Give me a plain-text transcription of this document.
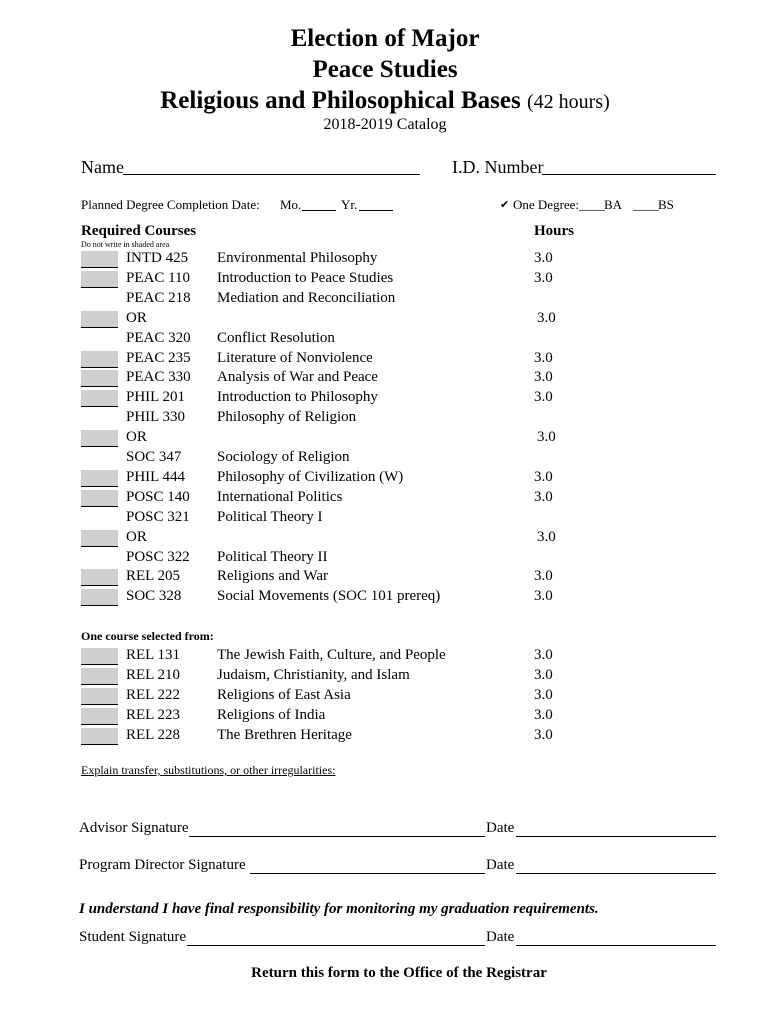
Election of Major
Peace Studies
Religious and Philosophical Bases (42 hours)
2018-2019 Catalog
Name	I.D. Number
Planned Degree Completion Date: Mo.	Yr.	✔ One Degree: ____ BA ____ BS
Required Courses
Do not write in shaded area
Hours
INTD 425 Environmental Philosophy	3.0
PEAC 110 Introduction to Peace Studies	3.0
PEAC 218 Mediation and Reconciliation
OR	3.0
PEAC 320 Conflict Resolution
PEAC 235 Literature of Nonviolence	3.0
PEAC 330 Analysis of War and Peace	3.0
PHIL 201 Introduction to Philosophy	3.0
PHIL 330 Philosophy of Religion
OR	3.0
SOC 347 Sociology of Religion
PHIL 444 Philosophy of Civilization (W)	3.0
POSC 140 International Politics	3.0
POSC 321 Political Theory I
OR	3.0
POSC 322 Political Theory II
REL 205 Religions and War	3.0
SOC 328 Social Movements (SOC 101 prereq)	3.0
One course selected from:
REL 131 The Jewish Faith, Culture, and People	3.0
REL 210 Judaism, Christianity, and Islam	3.0
REL 222 Religions of East Asia	3.0
REL 223 Religions of India	3.0
REL 228 The Brethren Heritage	3.0
Explain transfer, substitutions, or other irregularities:
Advisor Signature	Date
Program Director Signature	Date
I understand I have final responsibility for monitoring my graduation requirements.
Student Signature	Date
Return this form to the Office of the Registrar
